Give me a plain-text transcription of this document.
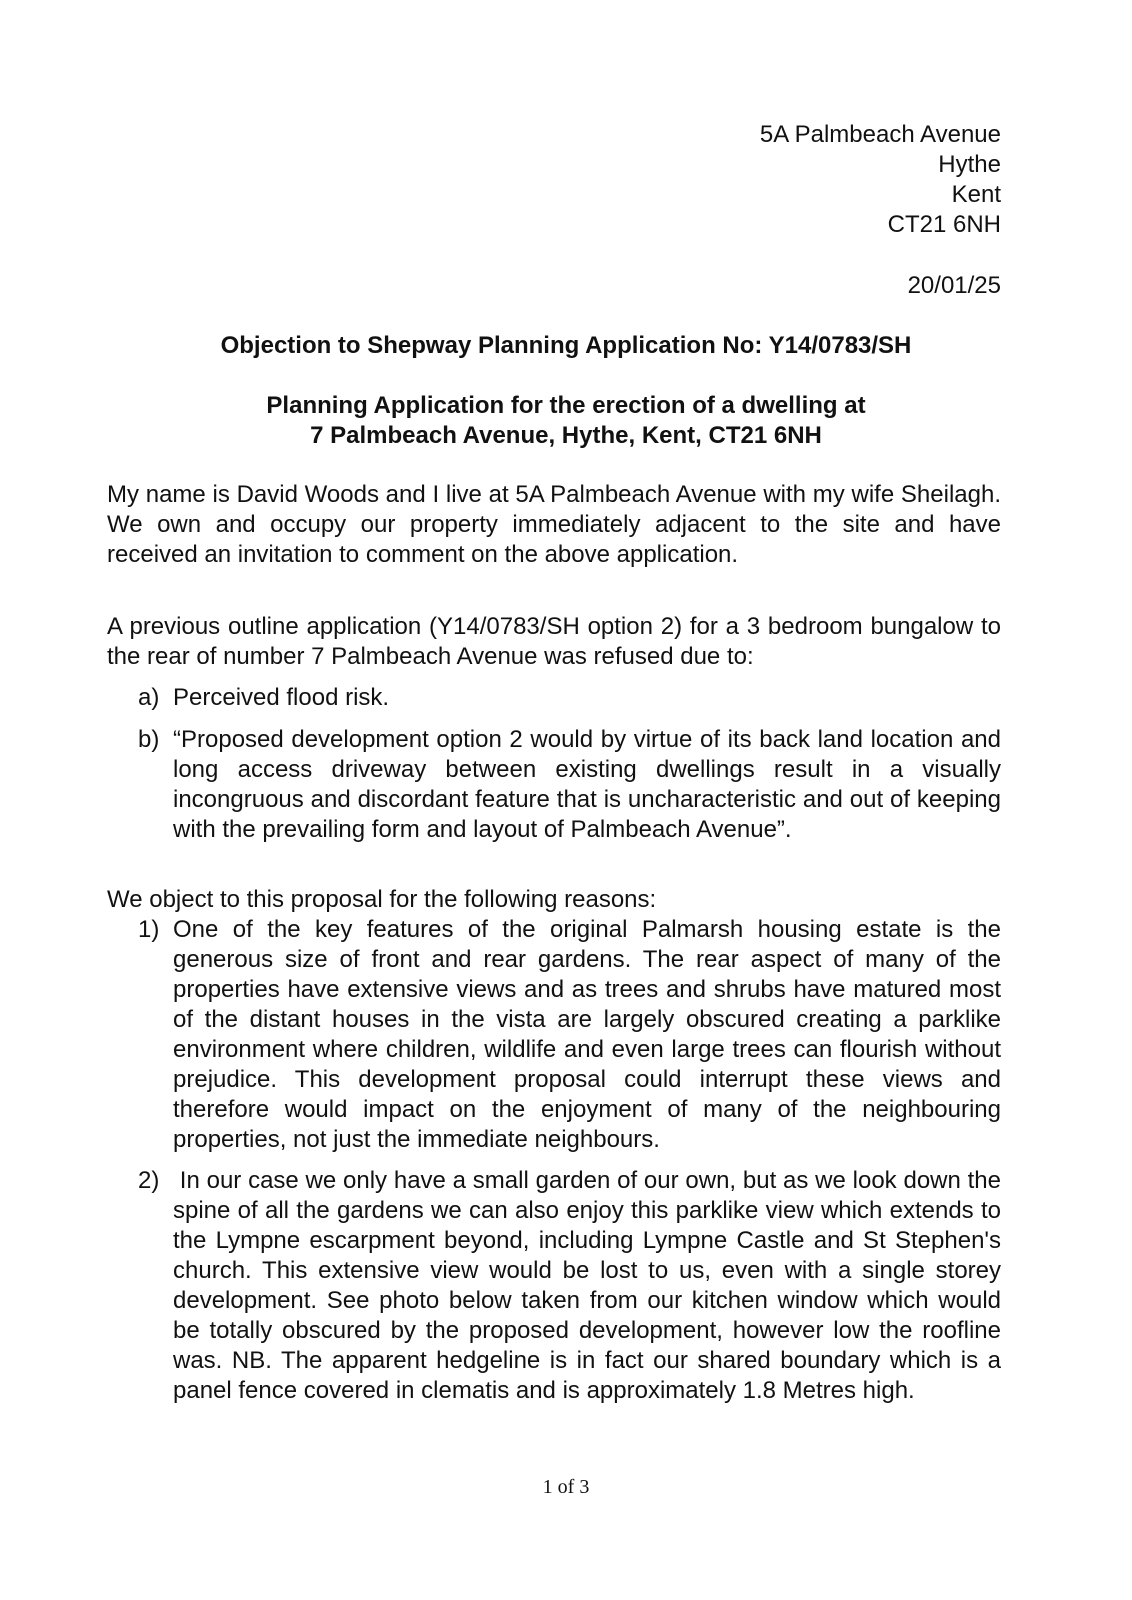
5A Palmbeach Avenue
Hythe
Kent
CT21 6NH
20/01/25
Objection to Shepway Planning Application No: Y14/0783/SH
Planning Application for the erection of a dwelling at
7 Palmbeach Avenue, Hythe, Kent, CT21 6NH
My name is David Woods and I live at 5A Palmbeach Avenue with my wife Sheilagh. We own and occupy our property immediately adjacent to the site and have received an invitation to comment on the above application.
A previous outline application (Y14/0783/SH option 2) for a 3 bedroom bungalow to the rear of number 7 Palmbeach Avenue was refused due to:
a) Perceived flood risk.
b) “Proposed development option 2 would by virtue of its back land location and long access driveway between existing dwellings result in a visually incongruous and discordant feature that is uncharacteristic and out of keeping with the prevailing form and layout of Palmbeach Avenue”.
We object to this proposal for the following reasons:
1) One of the key features of the original Palmarsh housing estate is the generous size of front and rear gardens. The rear aspect of many of the properties have extensive views and as trees and shrubs have matured most of the distant houses in the vista are largely obscured creating a parklike environment where children, wildlife and even large trees can flourish without prejudice. This development proposal could interrupt these views and therefore would impact on the enjoyment of many of the neighbouring properties, not just the immediate neighbours.
2) In our case we only have a small garden of our own, but as we look down the spine of all the gardens we can also enjoy this parklike view which extends to the Lympne escarpment beyond, including Lympne Castle and St Stephen's church. This extensive view would be lost to us, even with a single storey development. See photo below taken from our kitchen window which would be totally obscured by the proposed development, however low the roofline was. NB. The apparent hedgeline is in fact our shared boundary which is a panel fence covered in clematis and is approximately 1.8 Metres high.
1 of 3
